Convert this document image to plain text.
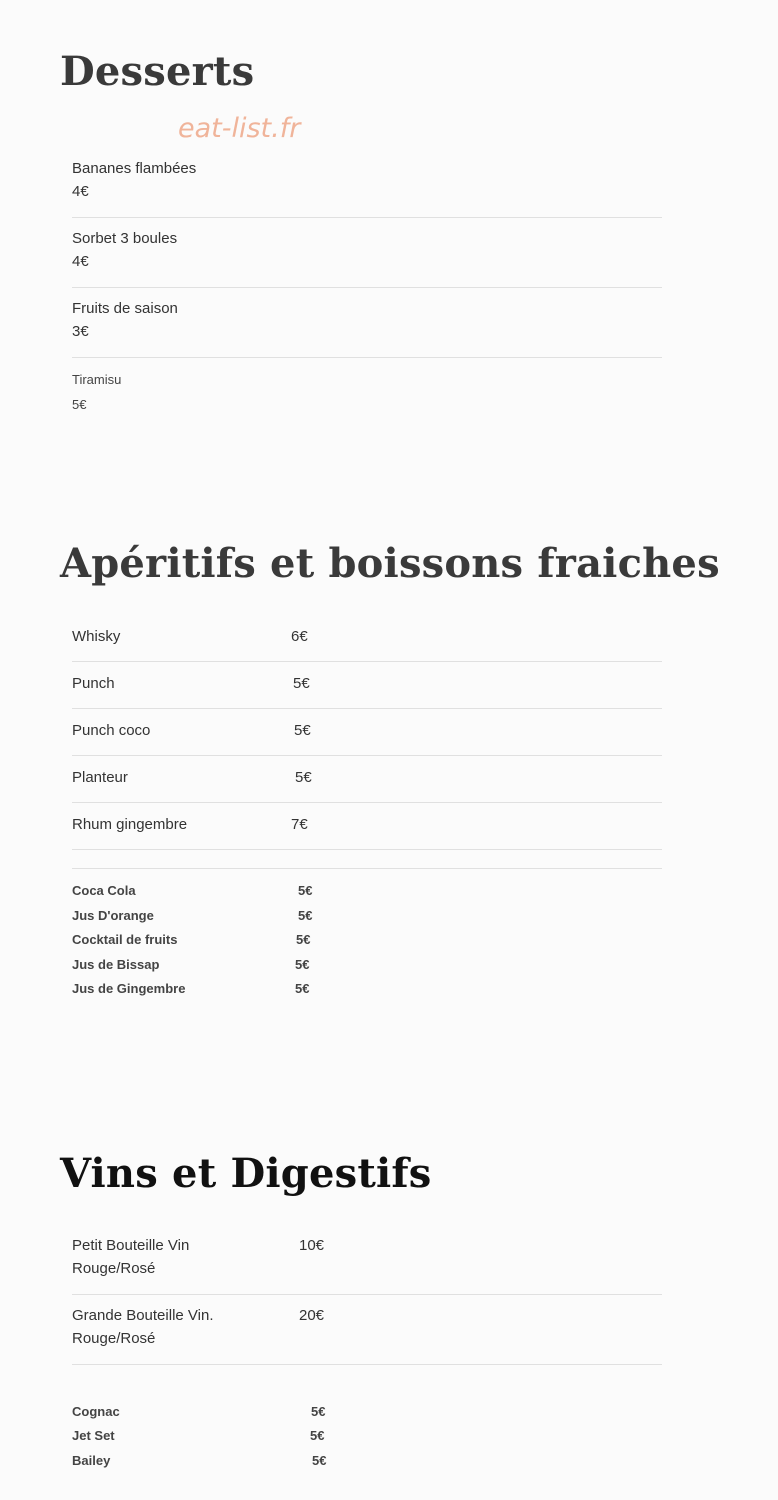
Desserts
eat-list.fr
Bananes flambées
4€
Sorbet 3 boules
4€
Fruits de saison
3€
Tiramisu
5€
Apéritifs et boissons fraiches
Whisky	6€
Punch	5€
Punch coco	5€
Planteur	5€
Rhum gingembre	7€
Coca Cola	5€
Jus D'orange	5€
Cocktail de fruits	5€
Jus de Bissap	5€
Jus de Gingembre	5€
Vins et Digestifs
Petit Bouteille Vin
Rouge/Rosé
10€
Grande Bouteille Vin.
Rouge/Rosé
20€
Cognac	5€
Jet Set	5€
Bailey	5€
